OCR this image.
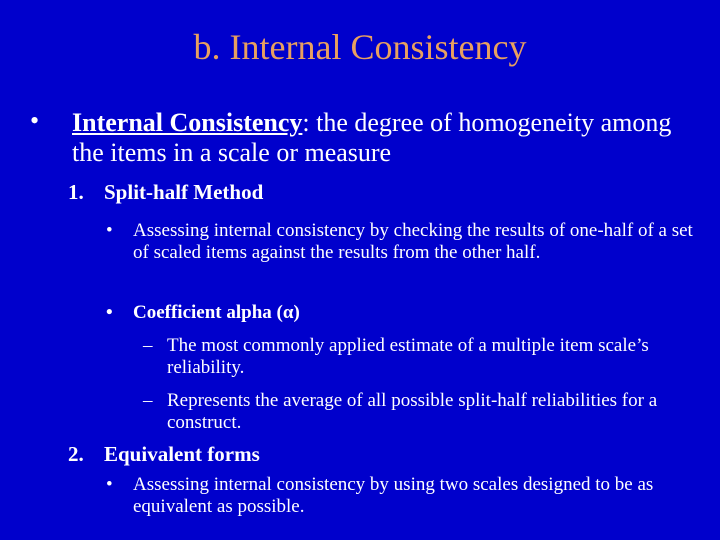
b. Internal Consistency
• Internal Consistency: the degree of homogeneity among the items in a scale or measure
1. Split-half Method
• Assessing internal consistency by checking the results of one-half of a set of scaled items against the results from the other half.
• Coefficient alpha (α)
– The most commonly applied estimate of a multiple item scale’s reliability.
– Represents the average of all possible split-half reliabilities for a construct.
2. Equivalent forms
• Assessing internal consistency by using two scales designed to be as equivalent as possible.
